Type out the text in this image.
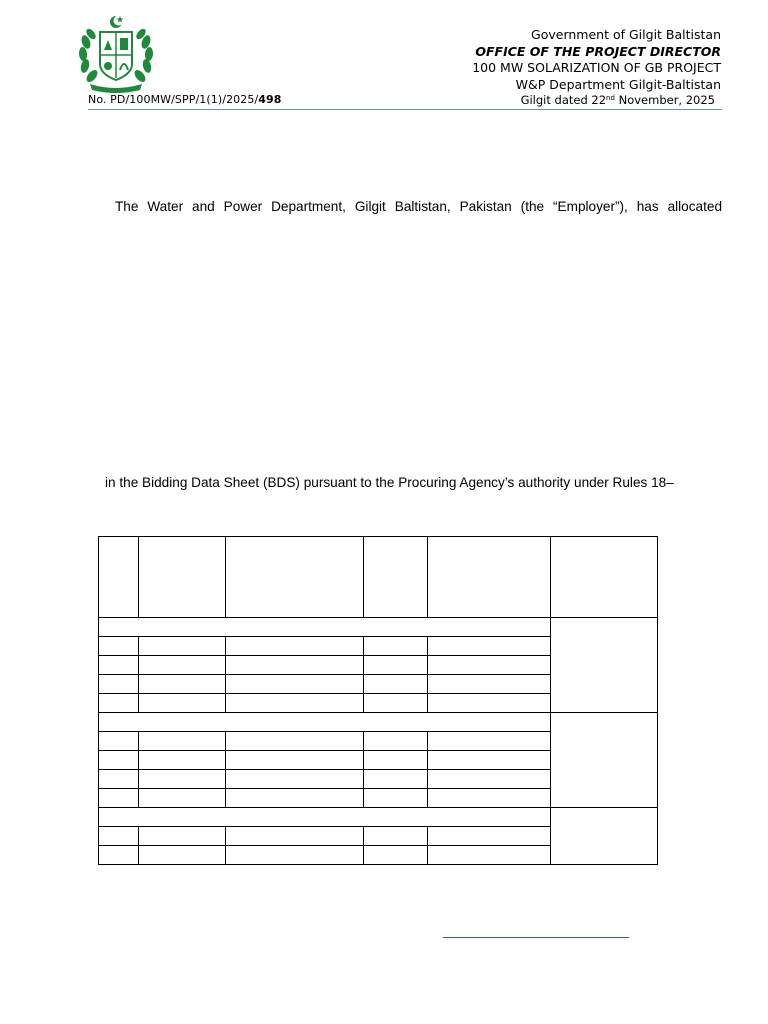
Government of Gilgit Baltistan
OFFICE OF THE PROJECT DIRECTOR
100 MW SOLARIZATION OF GB PROJECT
W&P Department Gilgit-Baltistan
No. PD/100MW/SPP/1(1)/2025/498	Gilgit dated 22nd November, 2025
The Water and Power Department, Gilgit Baltistan, Pakistan (the “Employer”), has allocated
in the Bidding Data Sheet (BDS) pursuant to the Procuring Agency’s authority under Rules 18–
